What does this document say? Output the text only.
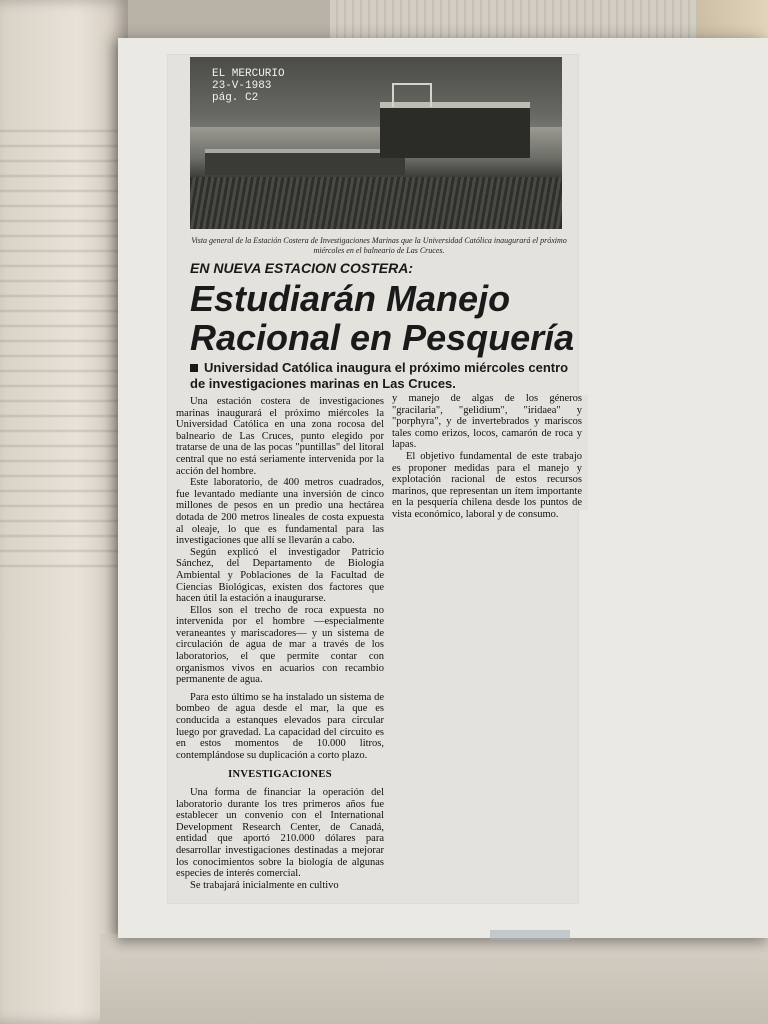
EL MERCURIO
23-V-1983
pág. C2
Vista general de la Estación Costera de Investigaciones Marinas que la Universidad Católica inaugurará el próximo miércoles en el balneario de Las Cruces.
EN NUEVA ESTACION COSTERA:
Estudiarán Manejo
Racional en Pesquería
Universidad Católica inaugura el próximo miércoles centro de investigaciones marinas en Las Cruces.

Una estación costera de investigaciones marinas inaugurará el próximo miércoles la Universidad Católica en una zona rocosa del balneario de Las Cruces, punto elegido por tratarse de una de las pocas "puntillas" del litoral central que no está seriamente intervenida por la acción del hombre.

Este laboratorio, de 400 metros cuadrados, fue levantado mediante una inversión de cinco millones de pesos en un predio una hectárea dotada de 200 metros lineales de costa expuesta al oleaje, lo que es fundamental para las investigaciones que allí se llevarán a cabo.

Según explicó el investigador Patricio Sánchez, del Departamento de Biología Ambiental y Poblaciones de la Facultad de Ciencias Biológicas, existen dos factores que hacen útil la estación a inaugurarse.

Ellos son el trecho de roca expuesta no intervenida por el hombre —especialmente veraneantes y mariscadores— y un sistema de circulación de agua de mar a través de los laboratorios, el que permite contar con organismos vivos en acuarios con recambio permanente de agua.

Para esto último se ha instalado un sistema de bombeo de agua desde el mar, la que es conducida a estanques elevados para circular luego por gravedad. La capacidad del circuito es en estos momentos de 10.000 litros, contemplándose su duplicación a corto plazo.

INVESTIGACIONES

Una forma de financiar la operación del laboratorio durante los tres primeros años fue establecer un convenio con el International Development Research Center, de Canadá, entidad que aportó 210.000 dólares para desarrollar investigaciones destinadas a mejorar los conocimientos sobre la biología de algunas especies de interés comercial.

Se trabajará inicialmente en cultivo

y manejo de algas de los géneros "gracilaria", "gelidium", "iridaea" y "porphyra", y de invertebrados y mariscos tales como erizos, locos, camarón de roca y lapas.

El objetivo fundamental de este trabajo es proponer medidas para el manejo y explotación racional de estos recursos marinos, que representan un ítem importante en la pesquería chilena desde los puntos de vista económico, laboral y de consumo.
